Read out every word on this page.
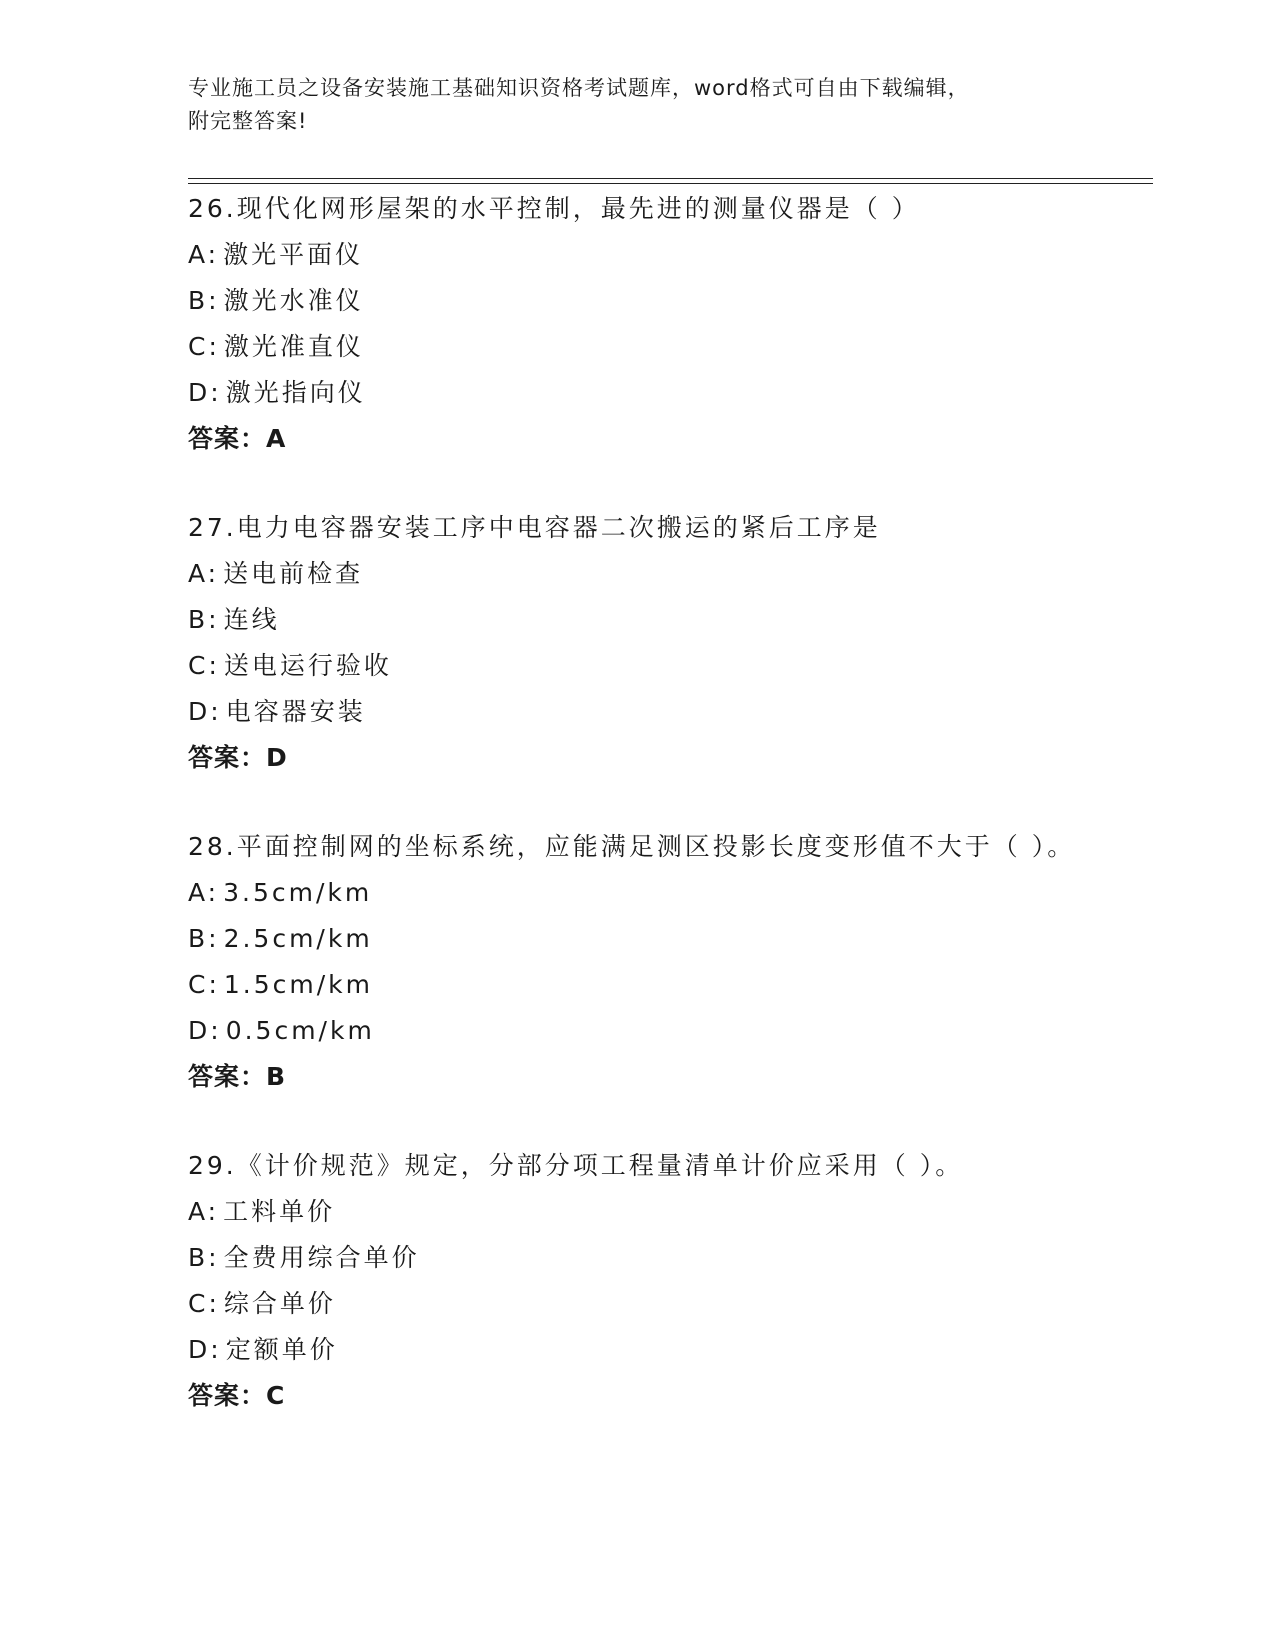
专业施工员之设备安装施工基础知识资格考试题库，word格式可自由下载编辑，
附完整答案!
26.现代化网形屋架的水平控制，最先进的测量仪器是（ ）
A: 激光平面仪
B: 激光水准仪
C: 激光准直仪
D: 激光指向仪
答案：A
27.电力电容器安装工序中电容器二次搬运的紧后工序是
A: 送电前检查
B: 连线
C: 送电运行验收
D: 电容器安装
答案：D
28.平面控制网的坐标系统，应能满足测区投影长度变形值不大于（ ）。
A: 3.5cm/km
B: 2.5cm/km
C: 1.5cm/km
D: 0.5cm/km
答案：B
29.《计价规范》规定，分部分项工程量清单计价应采用（ ）。
A: 工料单价
B: 全费用综合单价
C: 综合单价
D: 定额单价
答案：C
